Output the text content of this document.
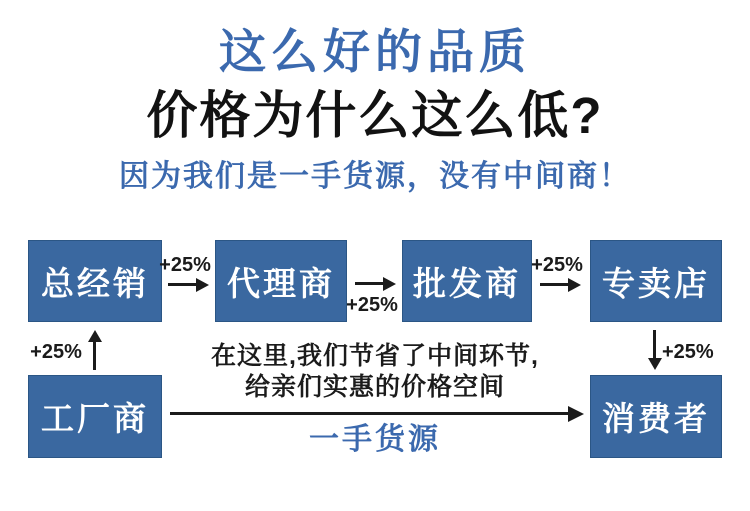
这么好的品质
价格为什么这么低?
因为我们是一手货源，没有中间商！
总经销	代理商	批发商	专卖店
工厂商	消费者
+25%
+25%
+25%
+25%	+25%
在这里,我们节省了中间环节,
给亲们实惠的价格空间
一手货源
